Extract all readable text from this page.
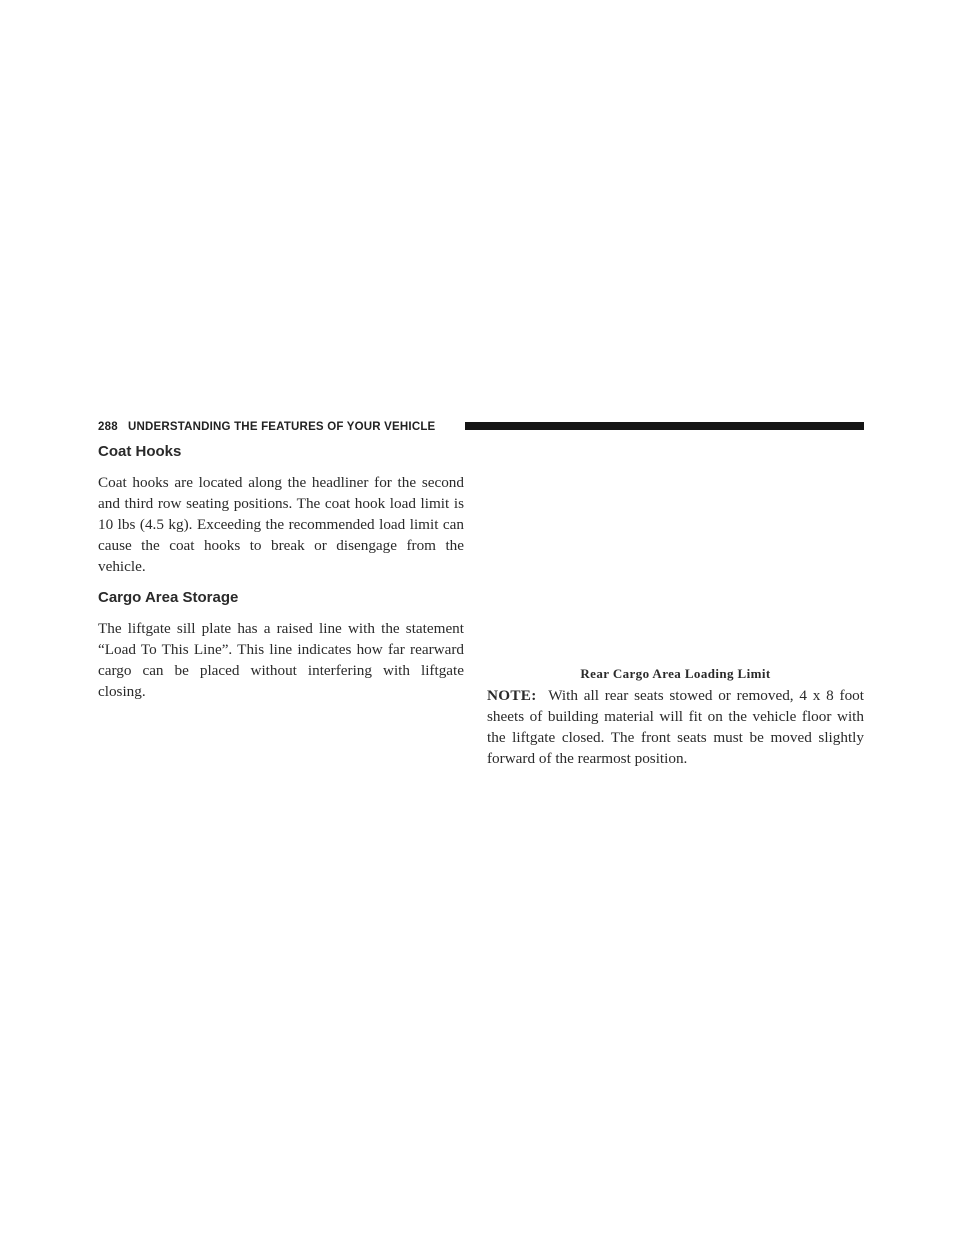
288 UNDERSTANDING THE FEATURES OF YOUR VEHICLE
Coat Hooks

Coat hooks are located along the headliner for the second and third row seating positions. The coat hook load limit is 10 lbs (4.5 kg). Exceeding the recommended load limit can cause the coat hooks to break or disengage from the vehicle.

Cargo Area Storage

The liftgate sill plate has a raised line with the statement “Load To This Line”. This line indicates how far rearward cargo can be placed without interfering with liftgate closing.

Rear Cargo Area Loading Limit

NOTE: With all rear seats stowed or removed, 4 x 8 foot sheets of building material will fit on the vehicle floor with the liftgate closed. The front seats must be moved slightly forward of the rearmost position.
